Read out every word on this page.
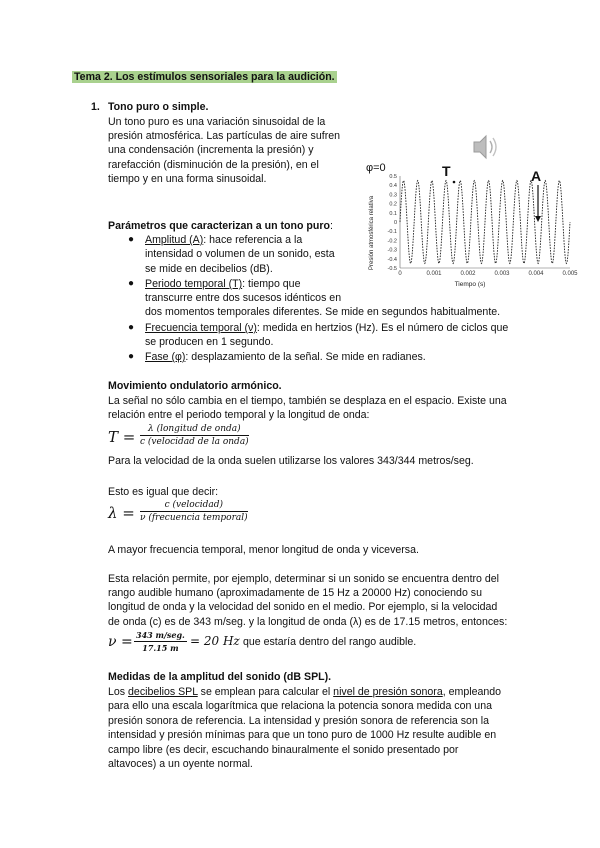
Tema 2. Los estímulos sensoriales para la audición.
1. Tono puro o simple.
Un tono puro es una variación sinusoidal de la
presión atmosférica. Las partículas de aire sufren
una condensación (incrementa la presión) y
rarefacción (disminución de la presión), en el
tiempo y en una forma sinusoidal.
Parámetros que caracterizan a un tono puro:
● Amplitud (A): hace referencia a la
intensidad o volumen de un sonido, esta
se mide en decibelios (dB).
● Periodo temporal (T): tiempo que
transcurre entre dos sucesos idénticos en
dos momentos temporales diferentes. Se mide en segundos habitualmente.
● Frecuencia temporal (ν): medida en hertzios (Hz). Es el número de ciclos que
se producen en 1 segundo.
● Fase (φ): desplazamiento de la señal. Se mide en radianes.
φ=0	T	A
Presión atmosférica relativa
Tiempo (s)
0.5
0.4
0.3
0.2
0.1
0
-0.1
-0.2
-0.3
-0.4
-0.5
0	0.001	0.002	0.003	0.004	0.005
Movimiento ondulatorio armónico.
La señal no sólo cambia en el tiempo, también se desplaza en el espacio. Existe una
relación entre el periodo temporal y la longitud de onda:
T =	λ (longitud de onda)
c (velocidad de la onda)
Para la velocidad de la onda suelen utilizarse los valores 343/344 metros/seg.
Esto es igual que decir:
λ =	c (velocidad)
ν (frecuencia temporal)
A mayor frecuencia temporal, menor longitud de onda y viceversa.
Esta relación permite, por ejemplo, determinar si un sonido se encuentra dentro del
rango audible humano (aproximadamente de 15 Hz a 20000 Hz) conociendo su
longitud de onda y la velocidad del sonido en el medio. Por ejemplo, si la velocidad
de onda (c) es de 343 m/seg. y la longitud de onda (λ) es de 17.15 metros, entonces:
ν = 343 m/seg.
17.15 m = 20 Hz que estaría dentro del rango audible.
Medidas de la amplitud del sonido (dB SPL).
Los decibelios SPL se emplean para calcular el nivel de presión sonora, empleando
para ello una escala logarítmica que relaciona la potencia sonora medida con una
presión sonora de referencia. La intensidad y presión sonora de referencia son la
intensidad y presión mínimas para que un tono puro de 1000 Hz resulte audible en
campo libre (es decir, escuchando binauralmente el sonido presentado por
altavoces) a un oyente normal.
